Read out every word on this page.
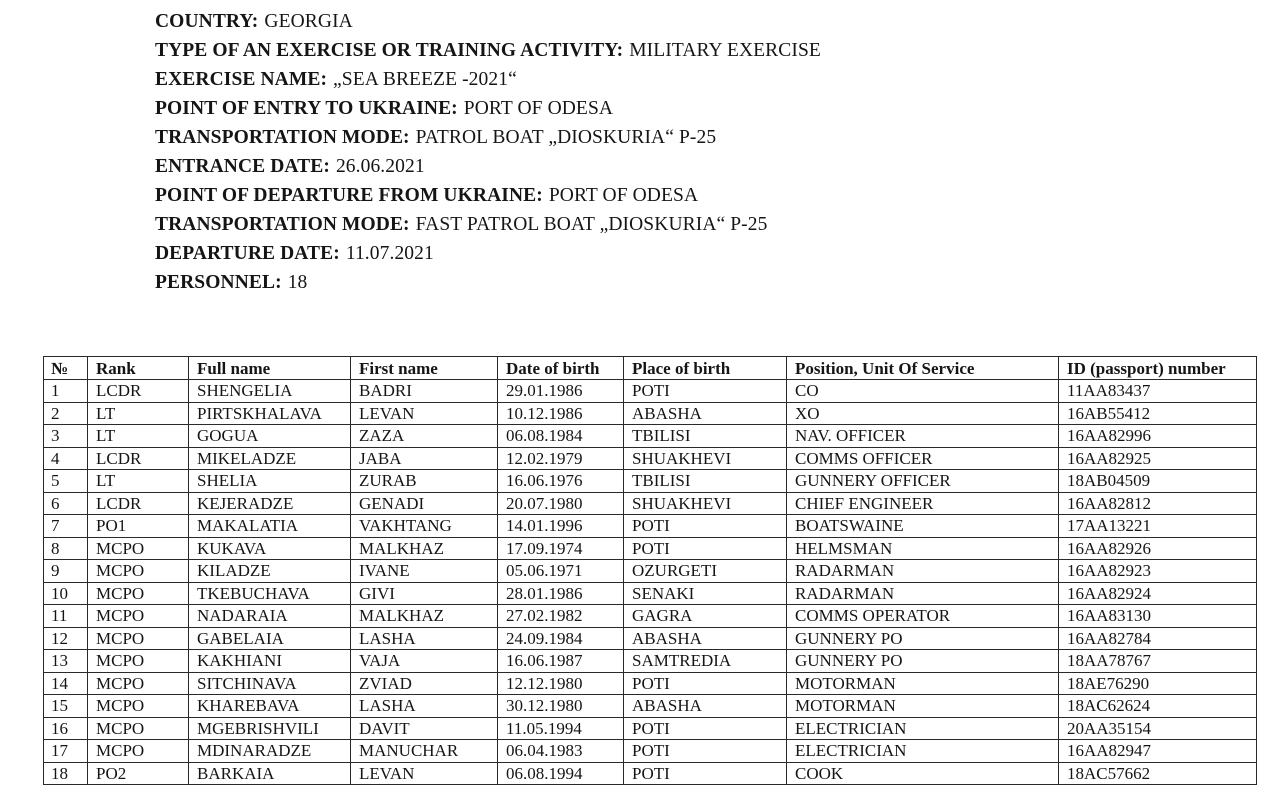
COUNTRY: GEORGIA
TYPE OF AN EXERCISE OR TRAINING ACTIVITY: MILITARY EXERCISE
EXERCISE NAME: „SEA BREEZE -2021“
POINT OF ENTRY TO UKRAINE: PORT OF ODESA
TRANSPORTATION MODE: PATROL BOAT „DIOSKURIA“ P-25
ENTRANCE DATE: 26.06.2021
POINT OF DEPARTURE FROM UKRAINE: PORT OF ODESA
TRANSPORTATION MODE: FAST PATROL BOAT „DIOSKURIA“ P-25
DEPARTURE DATE: 11.07.2021
PERSONNEL: 18
№	Rank	Full name	First name	Date of birth	Place of birth	Position, Unit Of Service	ID (passport) number
1	LCDR	SHENGELIA	BADRI	29.01.1986	POTI	CO	11AA83437
2	LT	PIRTSKHALAVA	LEVAN	10.12.1986	ABASHA	XO	16AB55412
3	LT	GOGUA	ZAZA	06.08.1984	TBILISI	NAV. OFFICER	16AA82996
4	LCDR	MIKELADZE	JABA	12.02.1979	SHUAKHEVI	COMMS OFFICER	16AA82925
5	LT	SHELIA	ZURAB	16.06.1976	TBILISI	GUNNERY OFFICER	18AB04509
6	LCDR	KEJERADZE	GENADI	20.07.1980	SHUAKHEVI	CHIEF ENGINEER	16AA82812
7	PO1	MAKALATIA	VAKHTANG	14.01.1996	POTI	BOATSWAINE	17AA13221
8	MCPO	KUKAVA	MALKHAZ	17.09.1974	POTI	HELMSMAN	16AA82926
9	MCPO	KILADZE	IVANE	05.06.1971	OZURGETI	RADARMAN	16AA82923
10	MCPO	TKEBUCHAVA	GIVI	28.01.1986	SENAKI	RADARMAN	16AA82924
11	MCPO	NADARAIA	MALKHAZ	27.02.1982	GAGRA	COMMS OPERATOR	16AA83130
12	MCPO	GABELAIA	LASHA	24.09.1984	ABASHA	GUNNERY PO	16AA82784
13	MCPO	KAKHIANI	VAJA	16.06.1987	SAMTREDIA	GUNNERY PO	18AA78767
14	MCPO	SITCHINAVA	ZVIAD	12.12.1980	POTI	MOTORMAN	18AE76290
15	MCPO	KHAREBAVA	LASHA	30.12.1980	ABASHA	MOTORMAN	18AC62624
16	MCPO	MGEBRISHVILI	DAVIT	11.05.1994	POTI	ELECTRICIAN	20AA35154
17	MCPO	MDINARADZE	MANUCHAR	06.04.1983	POTI	ELECTRICIAN	16AA82947
18	PO2	BARKAIA	LEVAN	06.08.1994	POTI	COOK	18AC57662
